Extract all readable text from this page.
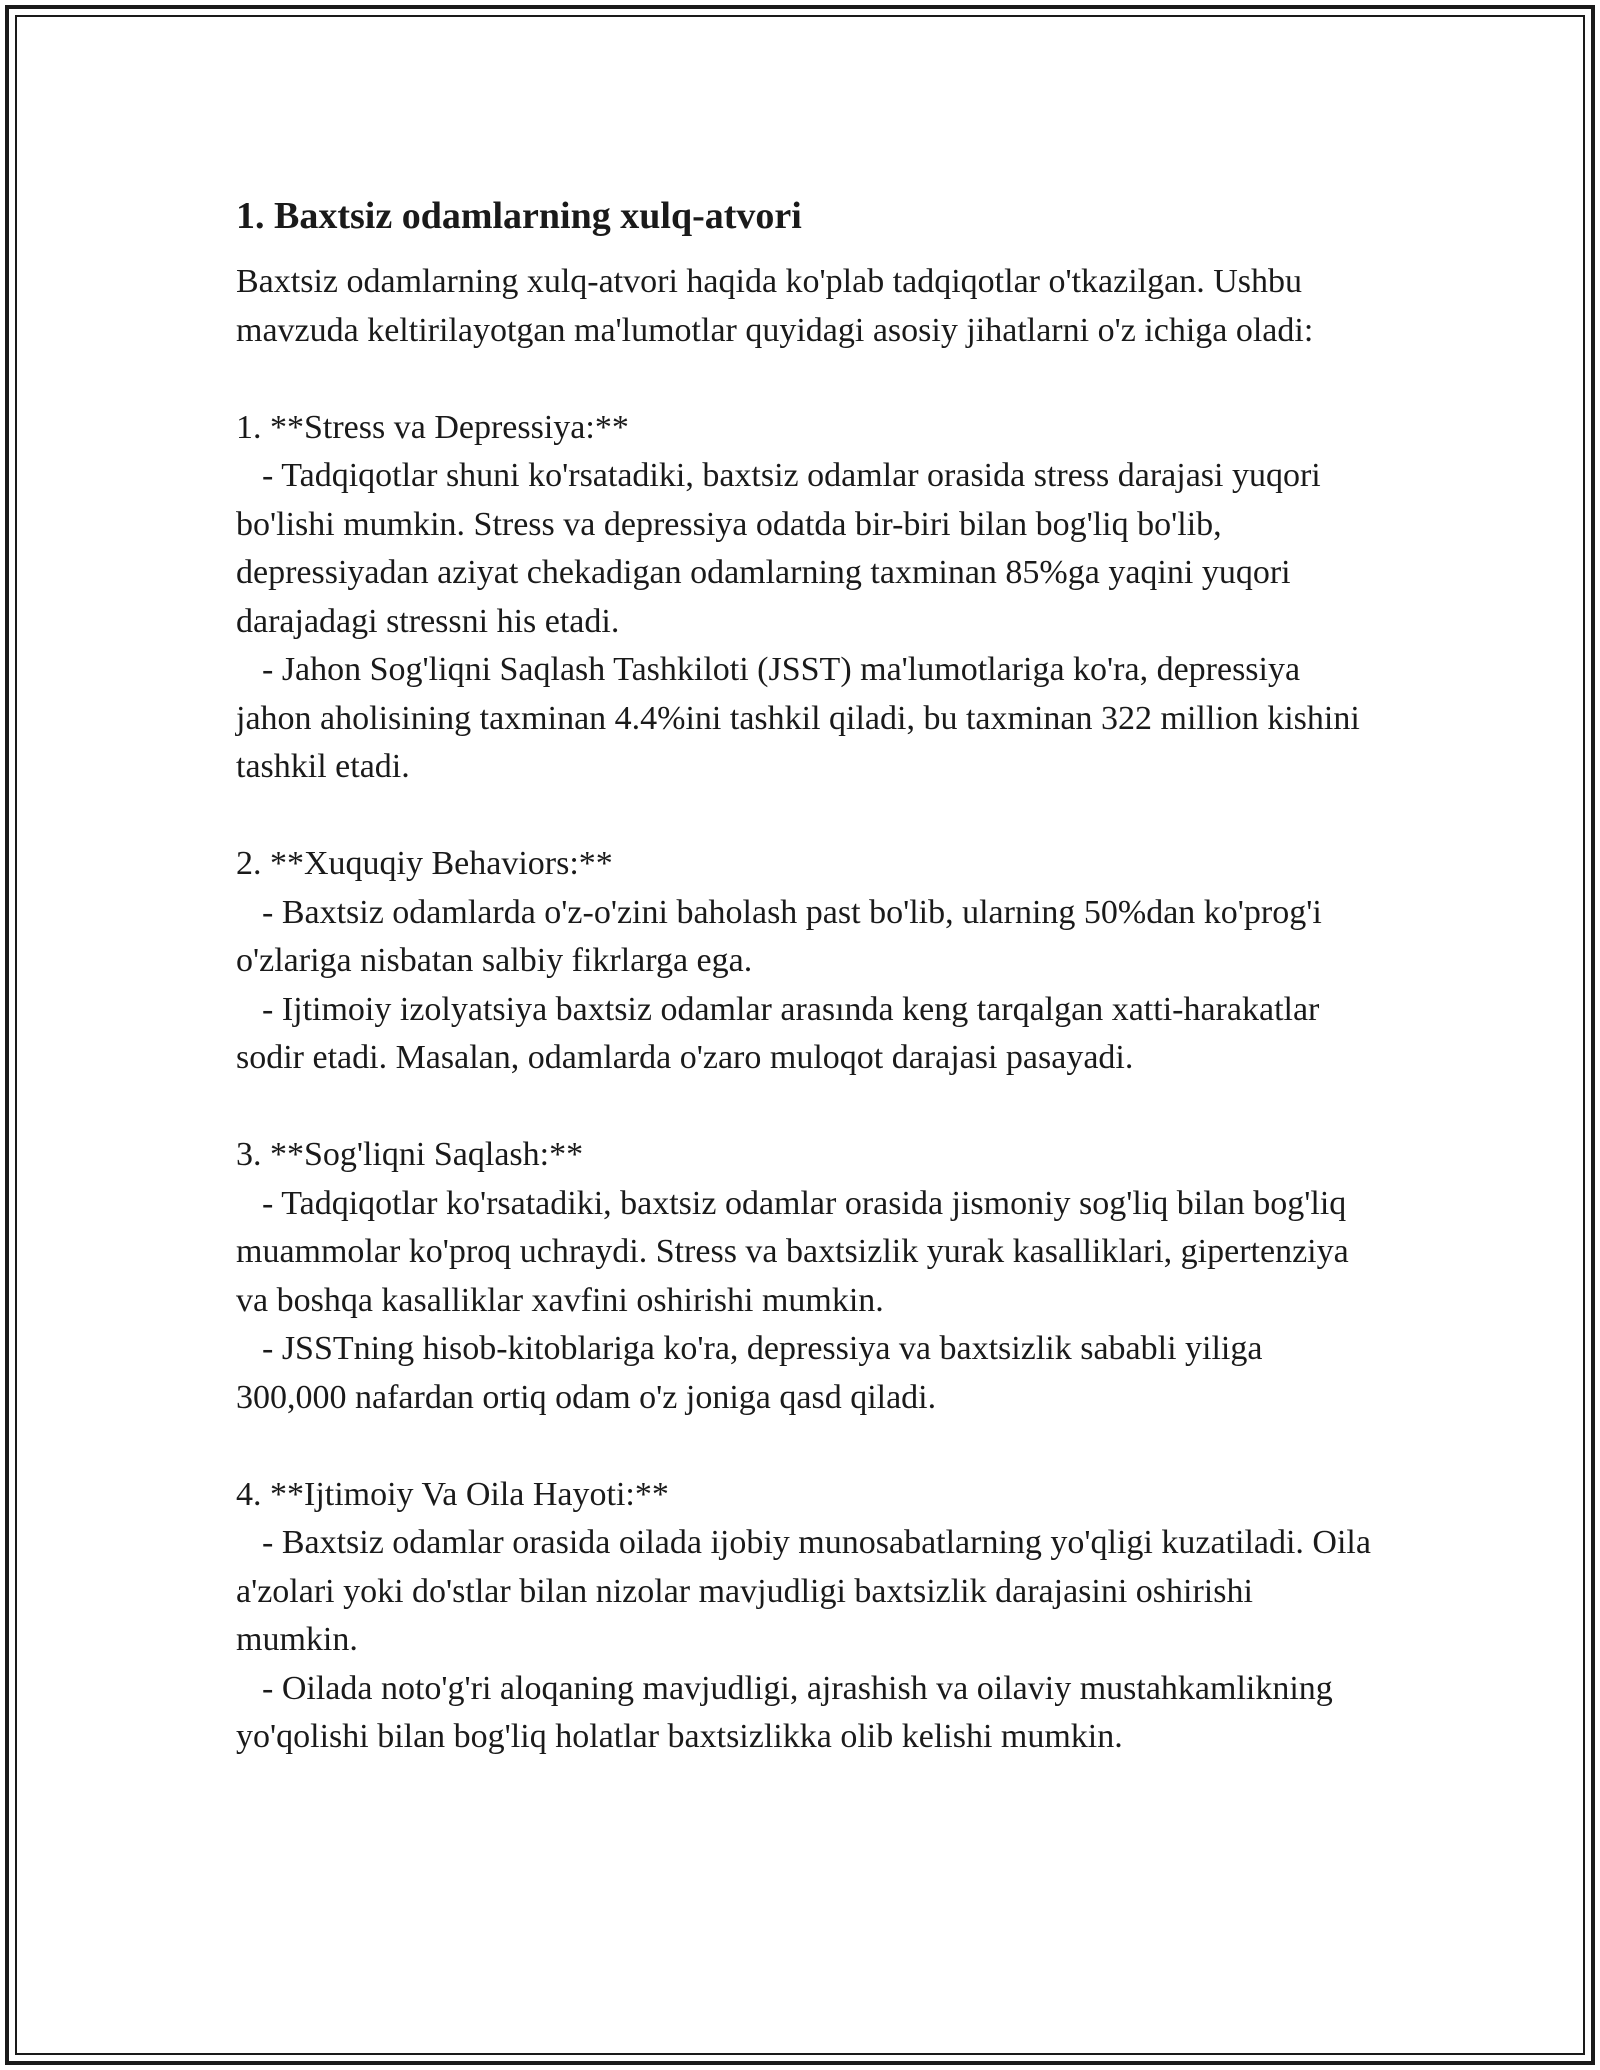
1. Baxtsiz odamlarning xulq-atvori

Baxtsiz odamlarning xulq-atvori haqida ko'plab tadqiqotlar o'tkazilgan. Ushbu mavzuda keltirilayotgan ma'lumotlar quyidagi asosiy jihatlarni o'z ichiga oladi:

1. **Stress va Depressiya:**
- Tadqiqotlar shuni ko'rsatadiki, baxtsiz odamlar orasida stress darajasi yuqori bo'lishi mumkin. Stress va depressiya odatda bir-biri bilan bog'liq bo'lib, depressiyadan aziyat chekadigan odamlarning taxminan 85%ga yaqini yuqori darajadagi stressni his etadi.
- Jahon Sog'liqni Saqlash Tashkiloti (JSST) ma'lumotlariga ko'ra, depressiya jahon aholisining taxminan 4.4%ini tashkil qiladi, bu taxminan 322 million kishini tashkil etadi.
2. **Xuquqiy Behaviors:**
- Baxtsiz odamlarda o'z-o'zini baholash past bo'lib, ularning 50%dan ko'prog'i o'zlariga nisbatan salbiy fikrlarga ega.
- Ijtimoiy izolyatsiya baxtsiz odamlar arasında keng tarqalgan xatti-harakatlar sodir etadi. Masalan, odamlarda o'zaro muloqot darajasi pasayadi.
3. **Sog'liqni Saqlash:**
- Tadqiqotlar ko'rsatadiki, baxtsiz odamlar orasida jismoniy sog'liq bilan bog'liq muammolar ko'proq uchraydi. Stress va baxtsizlik yurak kasalliklari, gipertenziya va boshqa kasalliklar xavfini oshirishi mumkin.
- JSSTning hisob-kitoblariga ko'ra, depressiya va baxtsizlik sababli yiliga 300,000 nafardan ortiq odam o'z joniga qasd qiladi.
4. **Ijtimoiy Va Oila Hayoti:**
- Baxtsiz odamlar orasida oilada ijobiy munosabatlarning yo'qligi kuzatiladi. Oila a'zolari yoki do'stlar bilan nizolar mavjudligi baxtsizlik darajasini oshirishi mumkin.
- Oilada noto'g'ri aloqaning mavjudligi, ajrashish va oilaviy mustahkamlikning yo'qolishi bilan bog'liq holatlar baxtsizlikka olib kelishi mumkin.
